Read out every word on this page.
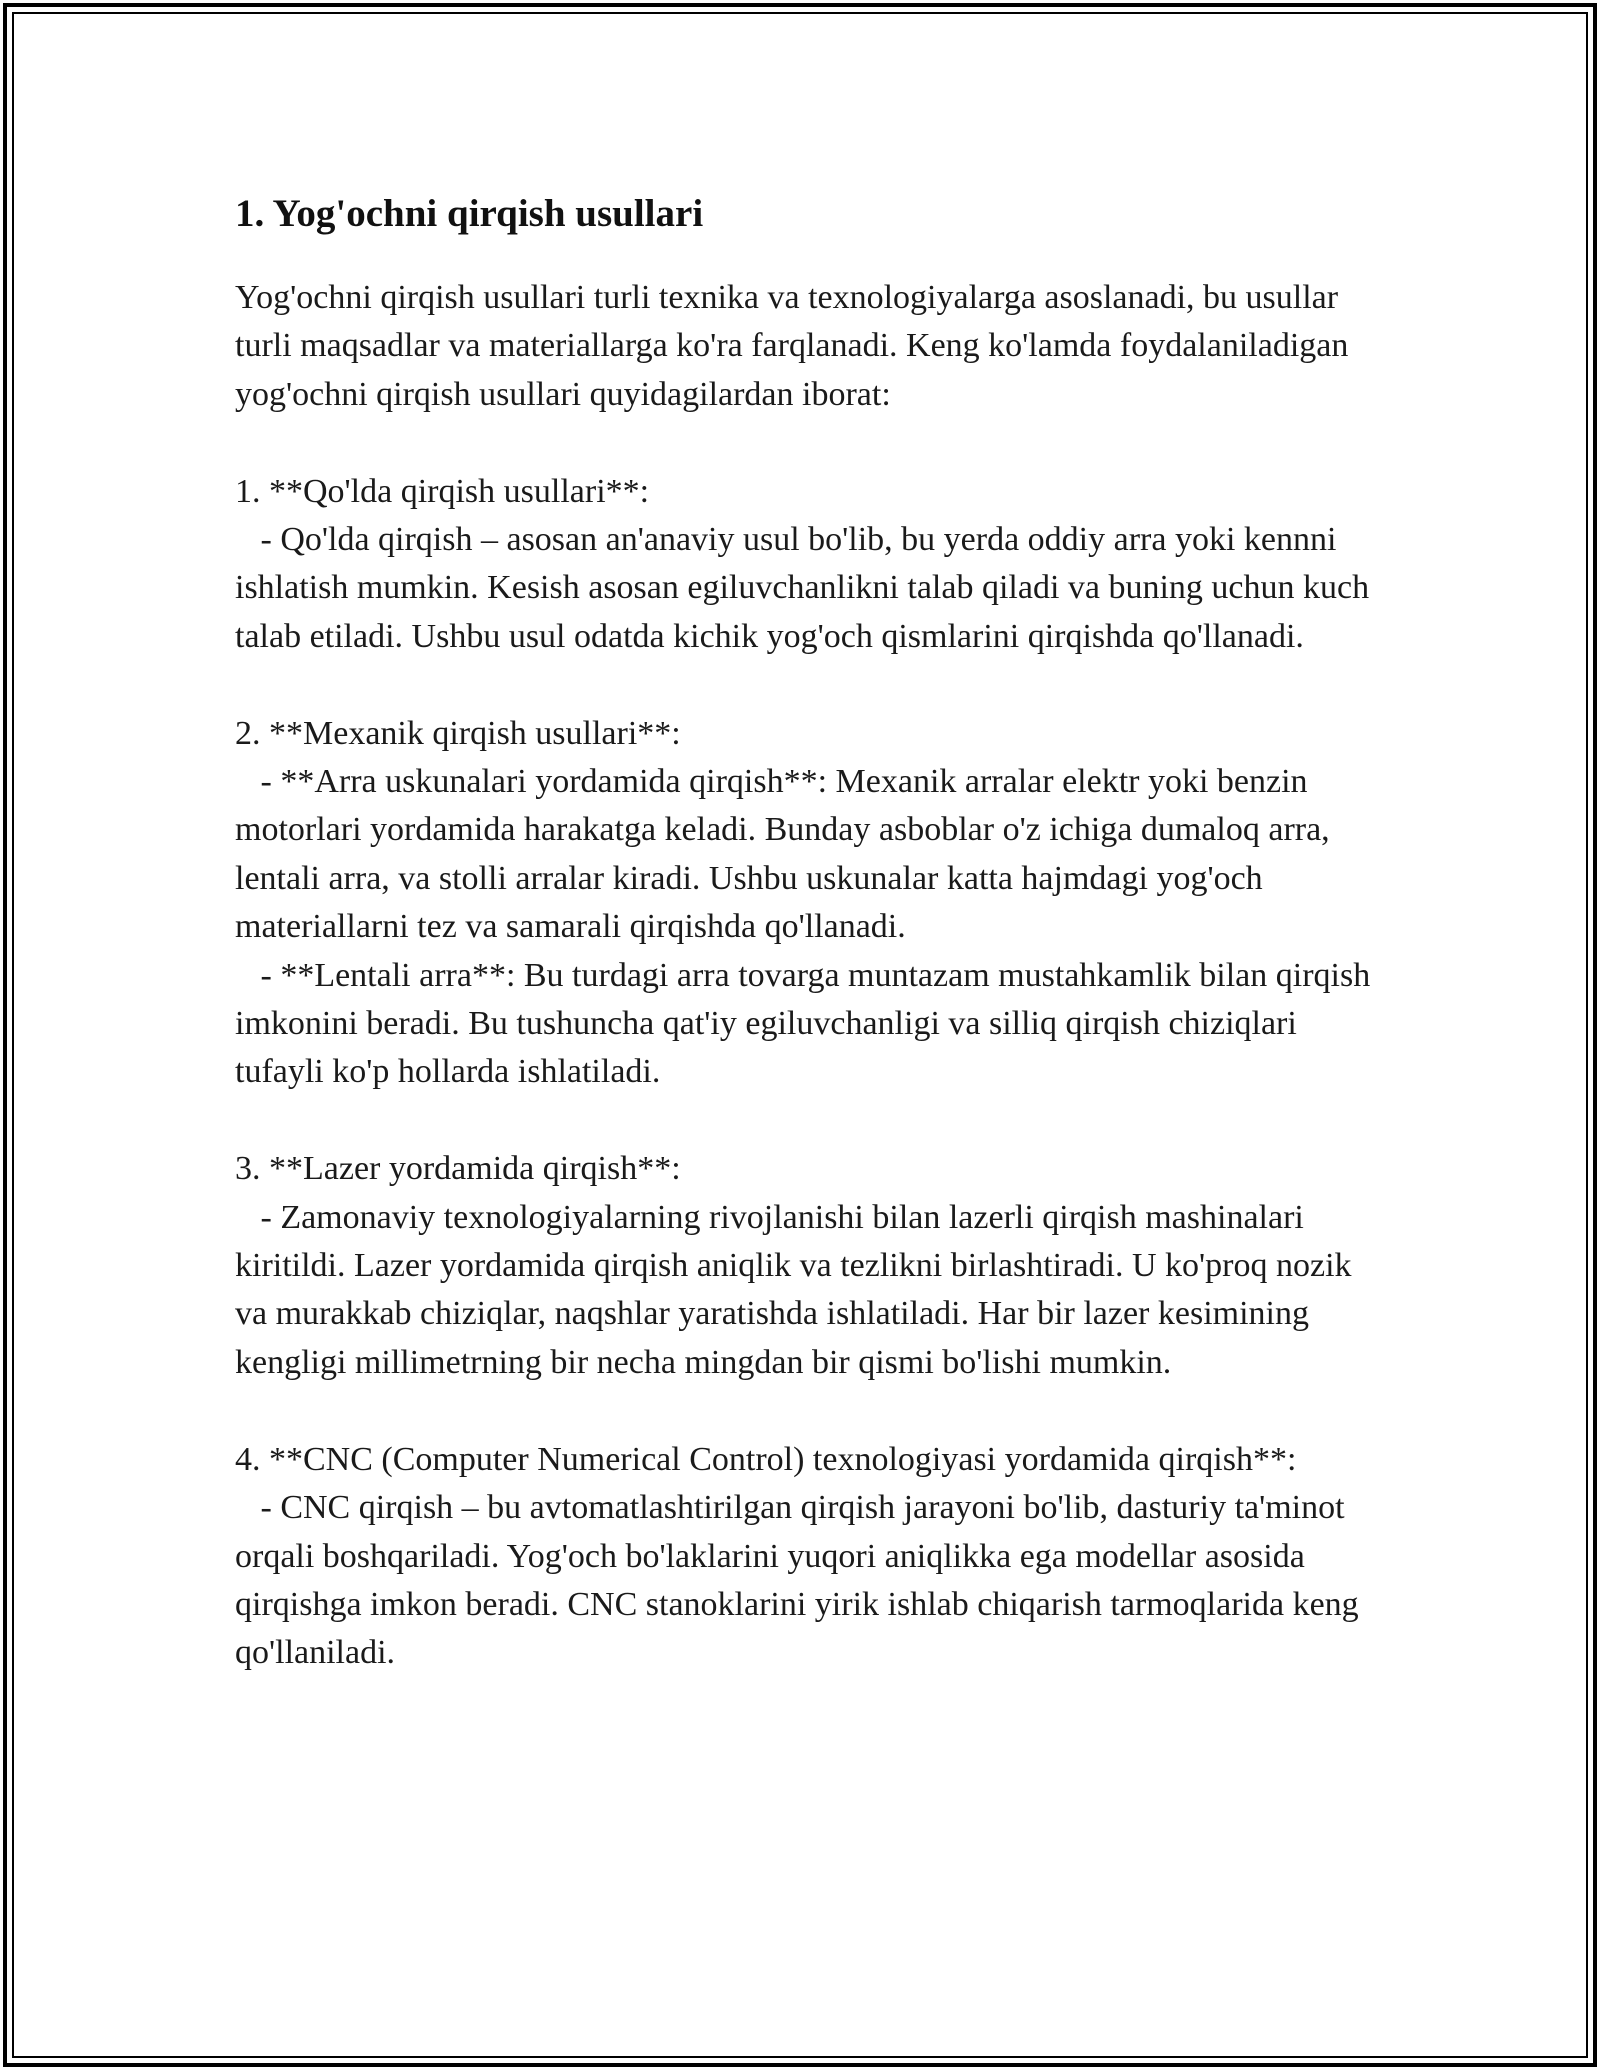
1. Yog'ochni qirqish usullari

Yog'ochni qirqish usullari turli texnika va texnologiyalarga asoslanadi, bu usullar turli maqsadlar va materiallarga ko'ra farqlanadi. Keng ko'lamda foydalaniladigan yog'ochni qirqish usullari quyidagilardan iborat:

1. **Qo'lda qirqish usullari**:
- Qo'lda qirqish – asosan an'anaviy usul bo'lib, bu yerda oddiy arra yoki kennni ishlatish mumkin. Kesish asosan egiluvchanlikni talab qiladi va buning uchun kuch talab etiladi. Ushbu usul odatda kichik yog'och qismlarini qirqishda qo'llanadi.

2. **Mexanik qirqish usullari**:
- **Arra uskunalari yordamida qirqish**: Mexanik arralar elektr yoki benzin motorlari yordamida harakatga keladi. Bunday asboblar o'z ichiga dumaloq arra, lentali arra, va stolli arralar kiradi. Ushbu uskunalar katta hajmdagi yog'och materiallarni tez va samarali qirqishda qo'llanadi.
- **Lentali arra**: Bu turdagi arra tovarga muntazam mustahkamlik bilan qirqish imkonini beradi. Bu tushuncha qat'iy egiluvchanligi va silliq qirqish chiziqlari tufayli ko'p hollarda ishlatiladi.

3. **Lazer yordamida qirqish**:
- Zamonaviy texnologiyalarning rivojlanishi bilan lazerli qirqish mashinalari kiritildi. Lazer yordamida qirqish aniqlik va tezlikni birlashtiradi. U ko'proq nozik va murakkab chiziqlar, naqshlar yaratishda ishlatiladi. Har bir lazer kesimining kengligi millimetrning bir necha mingdan bir qismi bo'lishi mumkin.

4. **CNC (Computer Numerical Control) texnologiyasi yordamida qirqish**:
- CNC qirqish – bu avtomatlashtirilgan qirqish jarayoni bo'lib, dasturiy ta'minot orqali boshqariladi. Yog'och bo'laklarini yuqori aniqlikka ega modellar asosida qirqishga imkon beradi. CNC stanoklarini yirik ishlab chiqarish tarmoqlarida keng qo'llaniladi.
